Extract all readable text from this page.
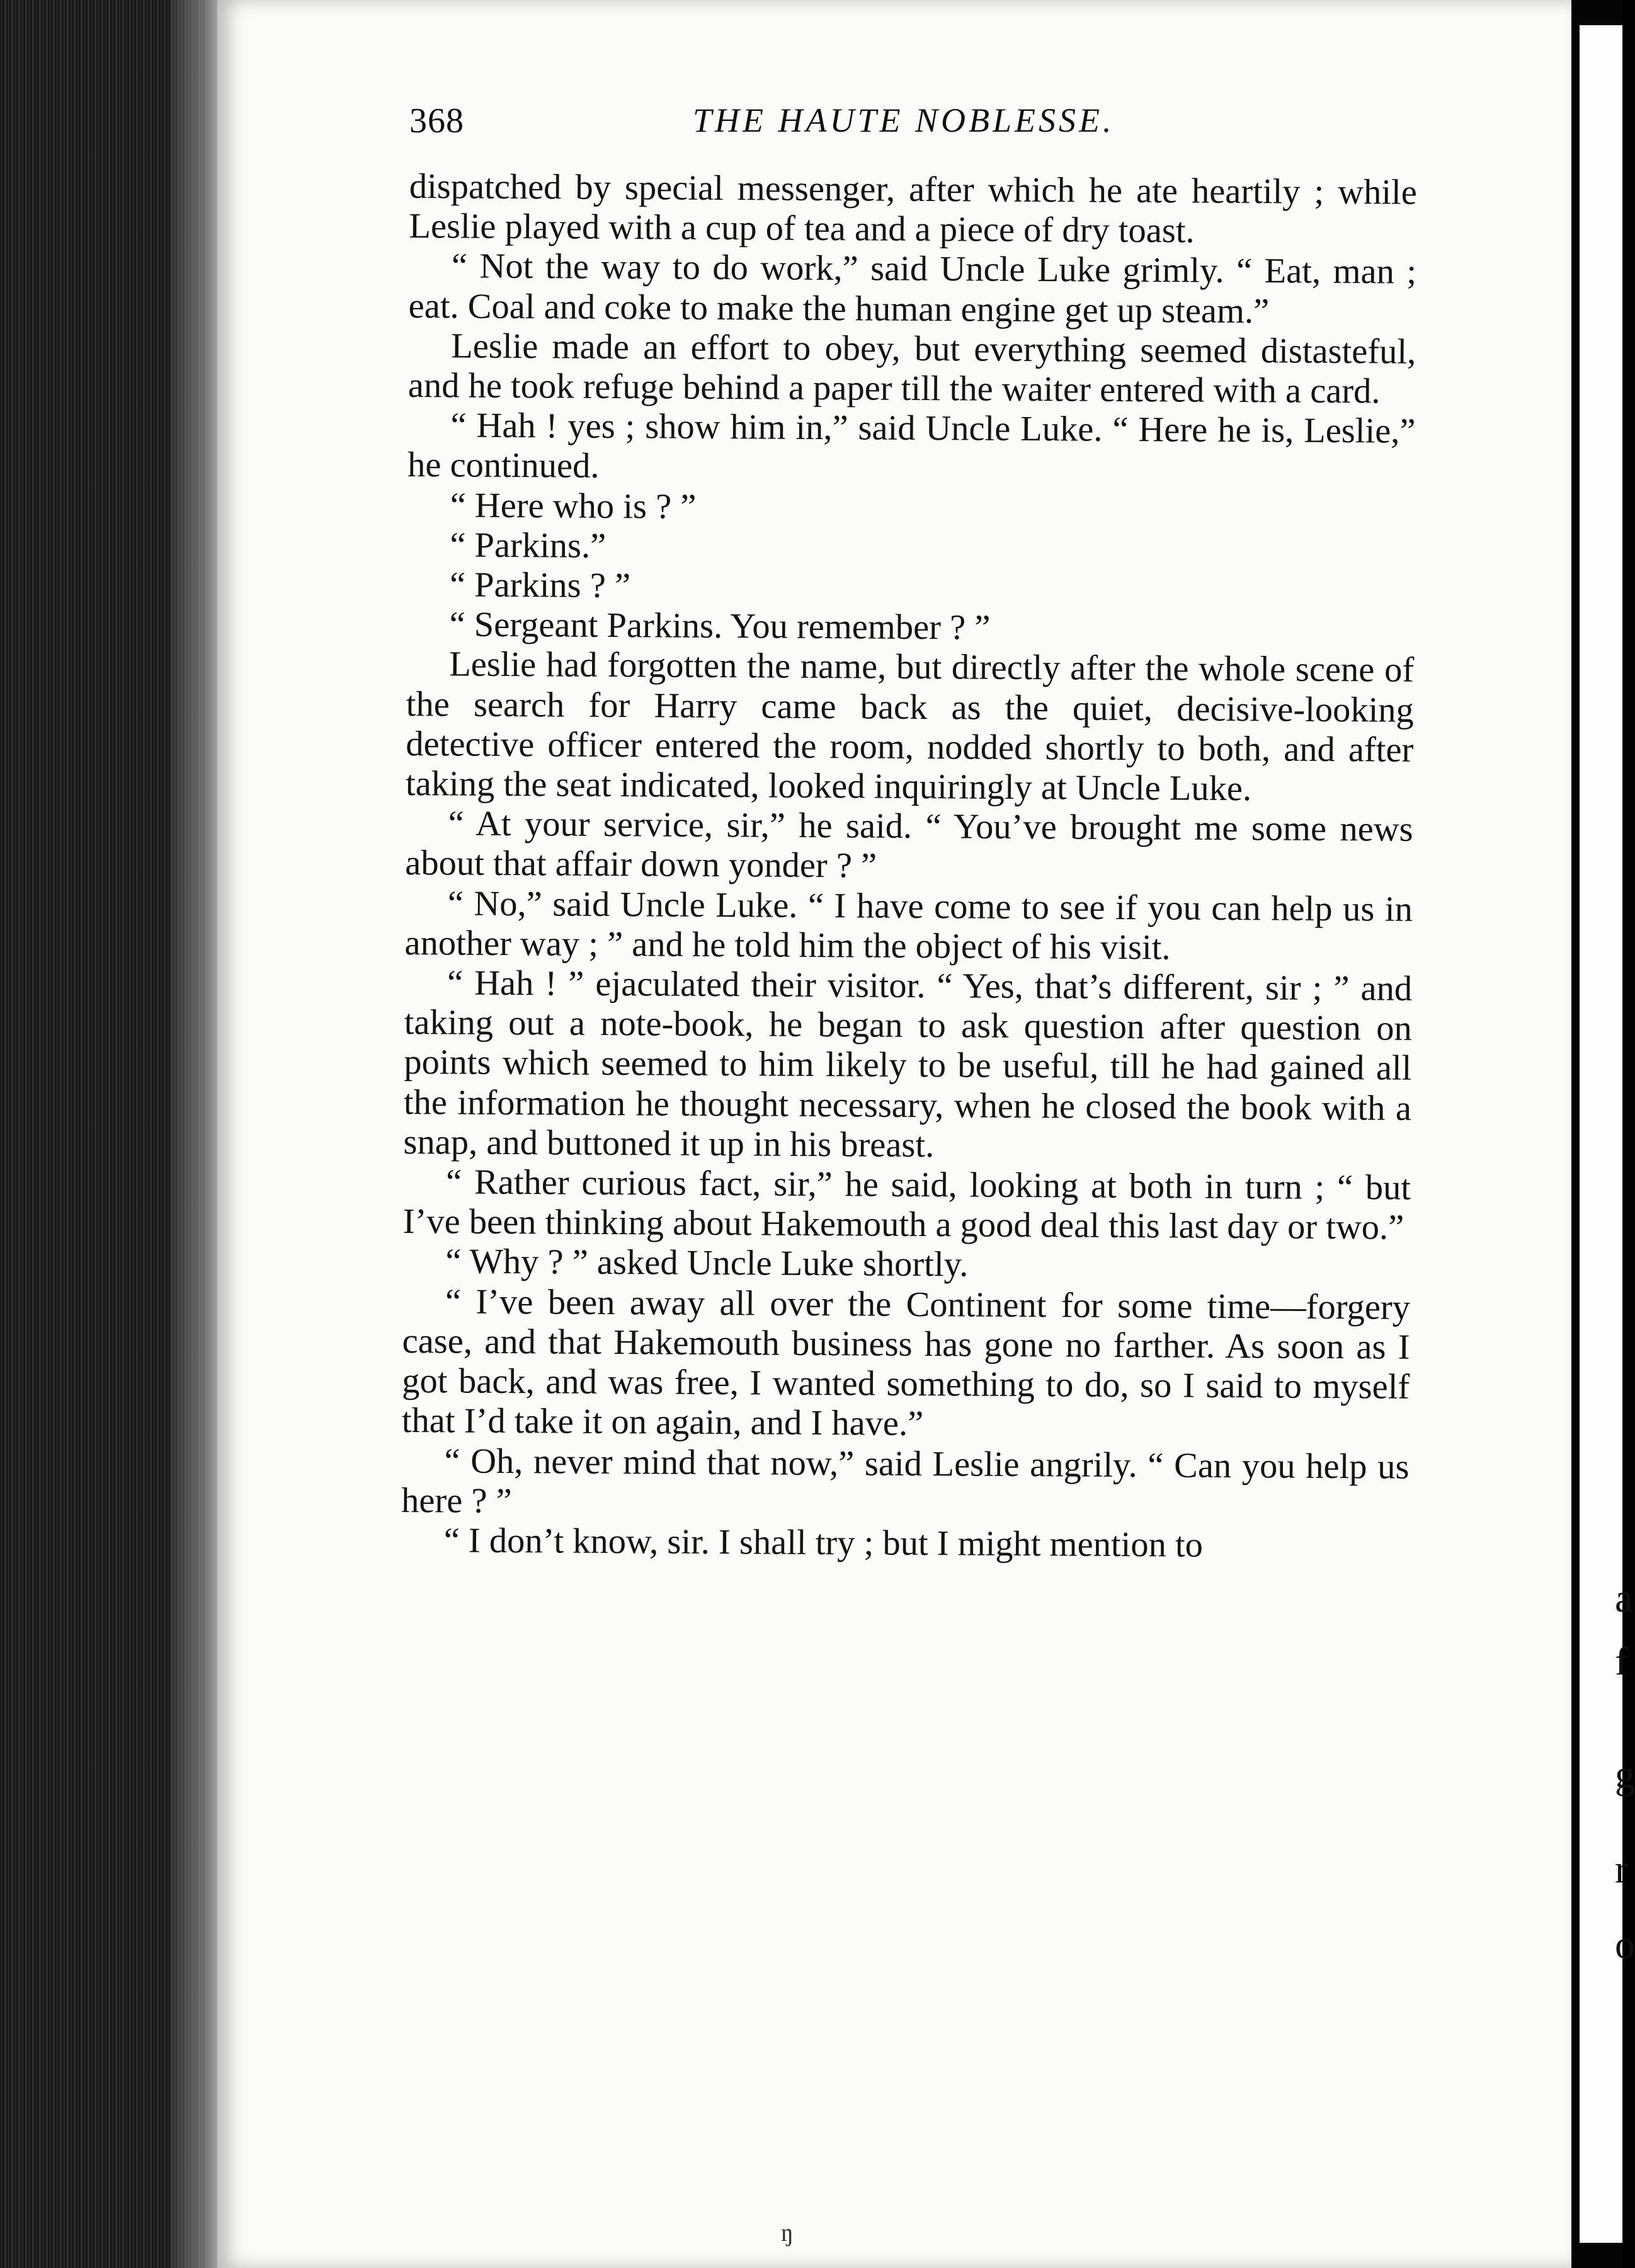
a
f
g
r
o
368	THE HAUTE NOBLESSE.

dispatched by special messenger, after which he ate heartily ; while Leslie played with a cup of tea and a piece of dry toast.

“ Not the way to do work,” said Uncle Luke grimly. “ Eat, man ; eat. Coal and coke to make the human engine get up steam.”

Leslie made an effort to obey, but everything seemed distasteful, and he took refuge behind a paper till the waiter entered with a card.

“ Hah ! yes ; show him in,” said Uncle Luke. “ Here he is, Leslie,” he continued.

“ Here who is ? ”

“ Parkins.”

“ Parkins ? ”

“ Sergeant Parkins. You remember ? ”

Leslie had forgotten the name, but directly after the whole scene of the search for Harry came back as the quiet, decisive-looking detective officer entered the room, nodded shortly to both, and after taking the seat indicated, looked inquiringly at Uncle Luke.

“ At your service, sir,” he said. “ You’ve brought me some news about that affair down yonder ? ”

“ No,” said Uncle Luke. “ I have come to see if you can help us in another way ; ” and he told him the object of his visit.

“ Hah ! ” ejaculated their visitor. “ Yes, that’s different, sir ; ” and taking out a note-book, he began to ask question after question on points which seemed to him likely to be useful, till he had gained all the information he thought necessary, when he closed the book with a snap, and buttoned it up in his breast.

“ Rather curious fact, sir,” he said, looking at both in turn ; “ but I’ve been thinking about Hakemouth a good deal this last day or two.”

“ Why ? ” asked Uncle Luke shortly.

“ I’ve been away all over the Continent for some time—forgery case, and that Hakemouth business has gone no farther. As soon as I got back, and was free, I wanted something to do, so I said to myself that I’d take it on again, and I have.”

“ Oh, never mind that now,” said Leslie angrily. “ Can you help us here ? ”

“ I don’t know, sir. I shall try ; but I might mention to

ŋ
